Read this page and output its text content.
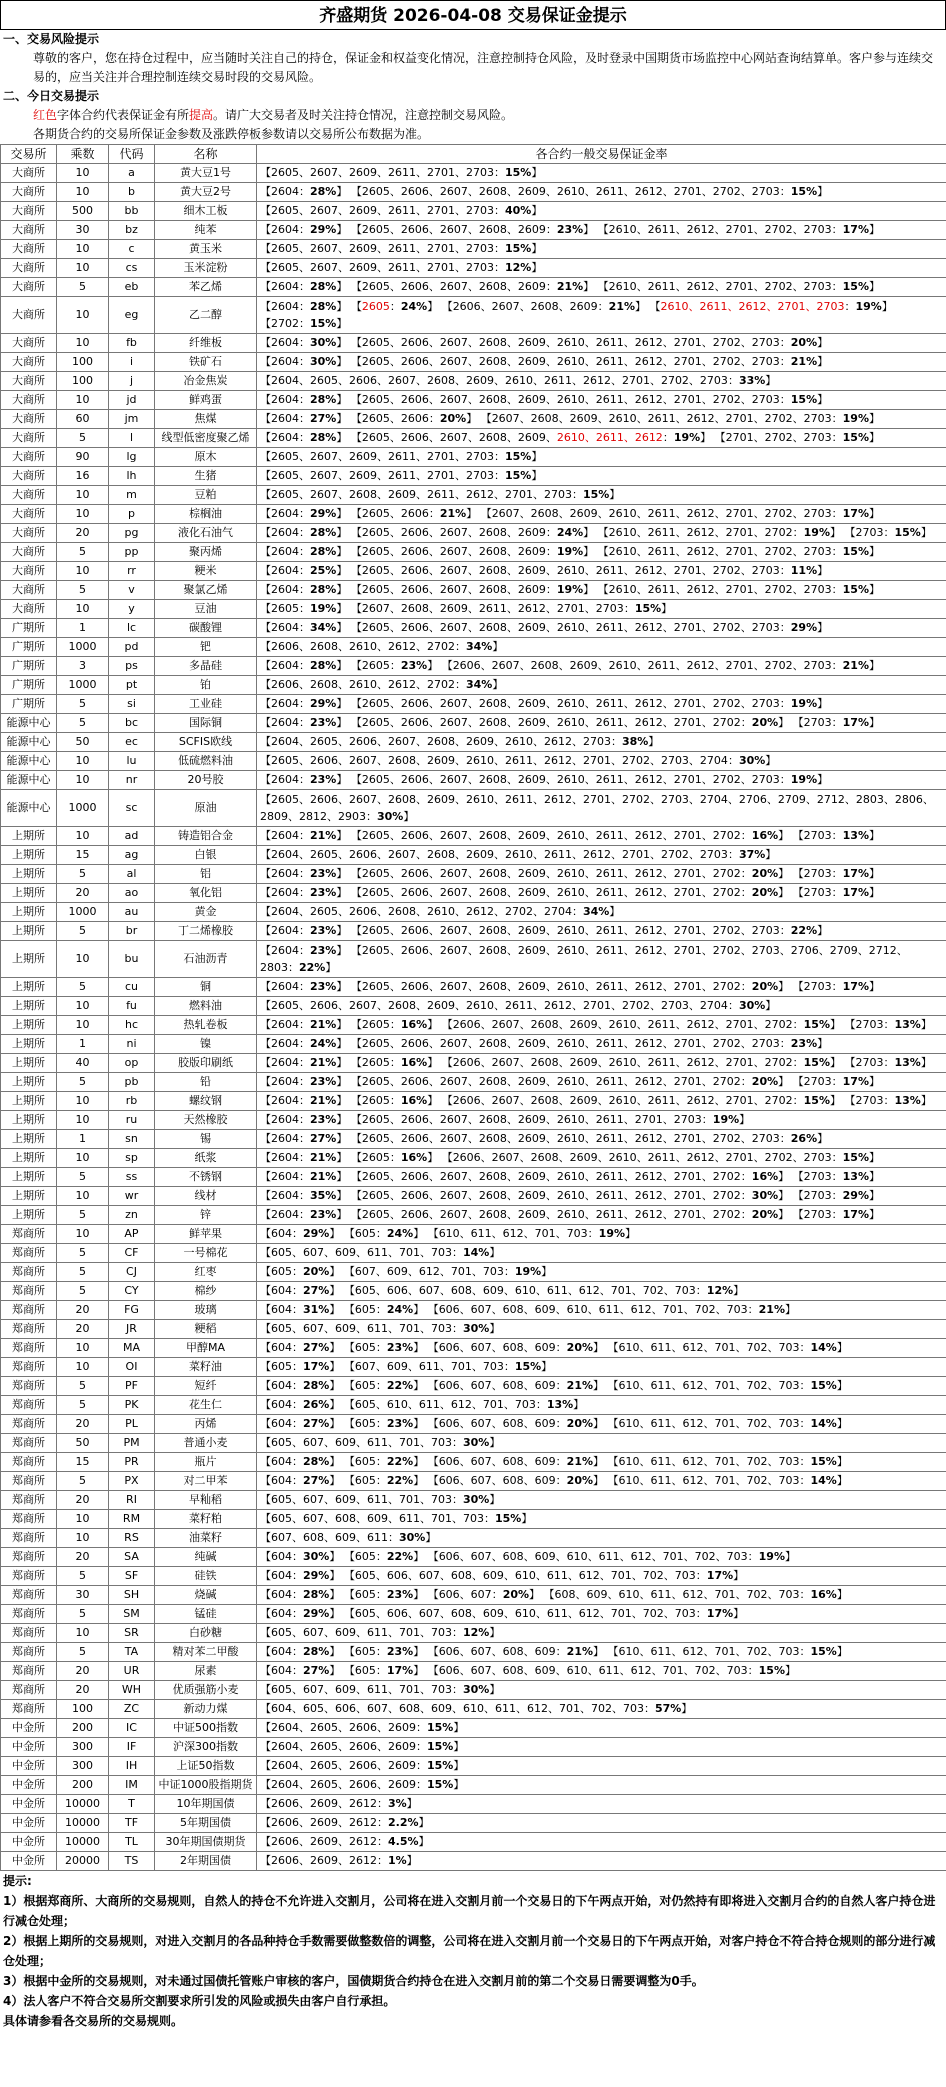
齐盛期货 2026-04-08 交易保证金提示
一、交易风险提示
尊敬的客户，您在持仓过程中，应当随时关注自己的持仓，保证金和权益变化情况，注意控制持仓风险，及时登录中国期货市场监控中心网站查询结算单。客户参与连续交易的，应当关注并合理控制连续交易时段的交易风险。
二、今日交易提示
红色字体合约代表保证金有所提高。请广大交易者及时关注持仓情况，注意控制交易风险。
各期货合约的交易所保证金参数及涨跌停板参数请以交易所公布数据为准。
交易所	乘数	代码	名称	各合约一般交易保证金率
大商所	10	a	黄大豆1号	【2605、2607、2609、2611、2701、2703：15%】
大商所	10	b	黄大豆2号	【2604：28%】 【2605、2606、2607、2608、2609、2610、2611、2612、2701、2702、2703：15%】
大商所	500	bb	细木工板	【2605、2607、2609、2611、2701、2703：40%】
大商所	30	bz	纯苯	【2604：29%】 【2605、2606、2607、2608、2609：23%】 【2610、2611、2612、2701、2702、2703：17%】
大商所	10	c	黄玉米	【2605、2607、2609、2611、2701、2703：15%】
大商所	10	cs	玉米淀粉	【2605、2607、2609、2611、2701、2703：12%】
大商所	5	eb	苯乙烯	【2604：28%】 【2605、2606、2607、2608、2609：21%】 【2610、2611、2612、2701、2702、2703：15%】
大商所	10	eg	乙二醇	【2604：28%】 【2605：24%】 【2606、2607、2608、2609：21%】 【2610、2611、2612、2701、2703：19%】 【2702：15%】
大商所	10	fb	纤维板	【2604：30%】 【2605、2606、2607、2608、2609、2610、2611、2612、2701、2702、2703：20%】
大商所	100	i	铁矿石	【2604：30%】 【2605、2606、2607、2608、2609、2610、2611、2612、2701、2702、2703：21%】
大商所	100	j	冶金焦炭	【2604、2605、2606、2607、2608、2609、2610、2611、2612、2701、2702、2703：33%】
大商所	10	jd	鲜鸡蛋	【2604：28%】 【2605、2606、2607、2608、2609、2610、2611、2612、2701、2702、2703：15%】
大商所	60	jm	焦煤	【2604：27%】 【2605、2606：20%】 【2607、2608、2609、2610、2611、2612、2701、2702、2703：19%】
大商所	5	l	线型低密度聚乙烯	【2604：28%】 【2605、2606、2607、2608、2609、2610、2611、2612：19%】 【2701、2702、2703：15%】
大商所	90	lg	原木	【2605、2607、2609、2611、2701、2703：15%】
大商所	16	lh	生猪	【2605、2607、2609、2611、2701、2703：15%】
大商所	10	m	豆粕	【2605、2607、2608、2609、2611、2612、2701、2703：15%】
大商所	10	p	棕榈油	【2604：29%】 【2605、2606：21%】 【2607、2608、2609、2610、2611、2612、2701、2702、2703：17%】
大商所	20	pg	液化石油气	【2604：28%】 【2605、2606、2607、2608、2609：24%】 【2610、2611、2612、2701、2702：19%】 【2703：15%】
大商所	5	pp	聚丙烯	【2604：28%】 【2605、2606、2607、2608、2609：19%】 【2610、2611、2612、2701、2702、2703：15%】
大商所	10	rr	粳米	【2604：25%】 【2605、2606、2607、2608、2609、2610、2611、2612、2701、2702、2703：11%】
大商所	5	v	聚氯乙烯	【2604：28%】 【2605、2606、2607、2608、2609：19%】 【2610、2611、2612、2701、2702、2703：15%】
大商所	10	y	豆油	【2605：19%】 【2607、2608、2609、2611、2612、2701、2703：15%】
广期所	1	lc	碳酸锂	【2604：34%】 【2605、2606、2607、2608、2609、2610、2611、2612、2701、2702、2703：29%】
广期所	1000	pd	钯	【2606、2608、2610、2612、2702：34%】
广期所	3	ps	多晶硅	【2604：28%】 【2605：23%】 【2606、2607、2608、2609、2610、2611、2612、2701、2702、2703：21%】
广期所	1000	pt	铂	【2606、2608、2610、2612、2702：34%】
广期所	5	si	工业硅	【2604：29%】 【2605、2606、2607、2608、2609、2610、2611、2612、2701、2702、2703：19%】
能源中心	5	bc	国际铜	【2604：23%】 【2605、2606、2607、2608、2609、2610、2611、2612、2701、2702：20%】 【2703：17%】
能源中心	50	ec	SCFIS欧线	【2604、2605、2606、2607、2608、2609、2610、2612、2703：38%】
能源中心	10	lu	低硫燃料油	【2605、2606、2607、2608、2609、2610、2611、2612、2701、2702、2703、2704：30%】
能源中心	10	nr	20号胶	【2604：23%】 【2605、2606、2607、2608、2609、2610、2611、2612、2701、2702、2703：19%】
能源中心	1000	sc	原油	【2605、2606、2607、2608、2609、2610、2611、2612、2701、2702、2703、2704、2706、2709、2712、2803、2806、2809、2812、2903：30%】
上期所	10	ad	铸造铝合金	【2604：21%】 【2605、2606、2607、2608、2609、2610、2611、2612、2701、2702：16%】 【2703：13%】
上期所	15	ag	白银	【2604、2605、2606、2607、2608、2609、2610、2611、2612、2701、2702、2703：37%】
上期所	5	al	铝	【2604：23%】 【2605、2606、2607、2608、2609、2610、2611、2612、2701、2702：20%】 【2703：17%】
上期所	20	ao	氧化铝	【2604：23%】 【2605、2606、2607、2608、2609、2610、2611、2612、2701、2702：20%】 【2703：17%】
上期所	1000	au	黄金	【2604、2605、2606、2608、2610、2612、2702、2704：34%】
上期所	5	br	丁二烯橡胶	【2604：23%】 【2605、2606、2607、2608、2609、2610、2611、2612、2701、2702、2703：22%】
上期所	10	bu	石油沥青	【2604：23%】 【2605、2606、2607、2608、2609、2610、2611、2612、2701、2702、2703、2706、2709、2712、2803：22%】
上期所	5	cu	铜	【2604：23%】 【2605、2606、2607、2608、2609、2610、2611、2612、2701、2702：20%】 【2703：17%】
上期所	10	fu	燃料油	【2605、2606、2607、2608、2609、2610、2611、2612、2701、2702、2703、2704：30%】
上期所	10	hc	热轧卷板	【2604：21%】 【2605：16%】 【2606、2607、2608、2609、2610、2611、2612、2701、2702：15%】 【2703：13%】
上期所	1	ni	镍	【2604：24%】 【2605、2606、2607、2608、2609、2610、2611、2612、2701、2702、2703：23%】
上期所	40	op	胶版印刷纸	【2604：21%】 【2605：16%】 【2606、2607、2608、2609、2610、2611、2612、2701、2702：15%】 【2703：13%】
上期所	5	pb	铅	【2604：23%】 【2605、2606、2607、2608、2609、2610、2611、2612、2701、2702：20%】 【2703：17%】
上期所	10	rb	螺纹钢	【2604：21%】 【2605：16%】 【2606、2607、2608、2609、2610、2611、2612、2701、2702：15%】 【2703：13%】
上期所	10	ru	天然橡胶	【2604：23%】 【2605、2606、2607、2608、2609、2610、2611、2701、2703：19%】
上期所	1	sn	锡	【2604：27%】 【2605、2606、2607、2608、2609、2610、2611、2612、2701、2702、2703：26%】
上期所	10	sp	纸浆	【2604：21%】 【2605：16%】 【2606、2607、2608、2609、2610、2611、2612、2701、2702、2703：15%】
上期所	5	ss	不锈钢	【2604：21%】 【2605、2606、2607、2608、2609、2610、2611、2612、2701、2702：16%】 【2703：13%】
上期所	10	wr	线材	【2604：35%】 【2605、2606、2607、2608、2609、2610、2611、2612、2701、2702：30%】 【2703：29%】
上期所	5	zn	锌	【2604：23%】 【2605、2606、2607、2608、2609、2610、2611、2612、2701、2702：20%】 【2703：17%】
郑商所	10	AP	鲜苹果	【604：29%】 【605：24%】 【610、611、612、701、703：19%】
郑商所	5	CF	一号棉花	【605、607、609、611、701、703：14%】
郑商所	5	CJ	红枣	【605：20%】 【607、609、612、701、703：19%】
郑商所	5	CY	棉纱	【604：27%】 【605、606、607、608、609、610、611、612、701、702、703：12%】
郑商所	20	FG	玻璃	【604：31%】 【605：24%】 【606、607、608、609、610、611、612、701、702、703：21%】
郑商所	20	JR	粳稻	【605、607、609、611、701、703：30%】
郑商所	10	MA	甲醇MA	【604：27%】 【605：23%】 【606、607、608、609：20%】 【610、611、612、701、702、703：14%】
郑商所	10	OI	菜籽油	【605：17%】 【607、609、611、701、703：15%】
郑商所	5	PF	短纤	【604：28%】 【605：22%】 【606、607、608、609：21%】 【610、611、612、701、702、703：15%】
郑商所	5	PK	花生仁	【604：26%】 【605、610、611、612、701、703：13%】
郑商所	20	PL	丙烯	【604：27%】 【605：23%】 【606、607、608、609：20%】 【610、611、612、701、702、703：14%】
郑商所	50	PM	普通小麦	【605、607、609、611、701、703：30%】
郑商所	15	PR	瓶片	【604：28%】 【605：22%】 【606、607、608、609：21%】 【610、611、612、701、702、703：15%】
郑商所	5	PX	对二甲苯	【604：27%】 【605：22%】 【606、607、608、609：20%】 【610、611、612、701、702、703：14%】
郑商所	20	RI	早籼稻	【605、607、609、611、701、703：30%】
郑商所	10	RM	菜籽粕	【605、607、608、609、611、701、703：15%】
郑商所	10	RS	油菜籽	【607、608、609、611：30%】
郑商所	20	SA	纯碱	【604：30%】 【605：22%】 【606、607、608、609、610、611、612、701、702、703：19%】
郑商所	5	SF	硅铁	【604：29%】 【605、606、607、608、609、610、611、612、701、702、703：17%】
郑商所	30	SH	烧碱	【604：28%】 【605：23%】 【606、607：20%】 【608、609、610、611、612、701、702、703：16%】
郑商所	5	SM	锰硅	【604：29%】 【605、606、607、608、609、610、611、612、701、702、703：17%】
郑商所	10	SR	白砂糖	【605、607、609、611、701、703：12%】
郑商所	5	TA	精对苯二甲酸	【604：28%】 【605：23%】 【606、607、608、609：21%】 【610、611、612、701、702、703：15%】
郑商所	20	UR	尿素	【604：27%】 【605：17%】 【606、607、608、609、610、611、612、701、702、703：15%】
郑商所	20	WH	优质强筋小麦	【605、607、609、611、701、703：30%】
郑商所	100	ZC	新动力煤	【604、605、606、607、608、609、610、611、612、701、702、703：57%】
中金所	200	IC	中证500指数	【2604、2605、2606、2609：15%】
中金所	300	IF	沪深300指数	【2604、2605、2606、2609：15%】
中金所	300	IH	上证50指数	【2604、2605、2606、2609：15%】
中金所	200	IM	中证1000股指期货	【2604、2605、2606、2609：15%】
中金所	10000	T	10年期国债	【2606、2609、2612：3%】
中金所	10000	TF	5年期国债	【2606、2609、2612：2.2%】
中金所	10000	TL	30年期国债期货	【2606、2609、2612：4.5%】
中金所	20000	TS	2年期国债	【2606、2609、2612：1%】
提示:
1）根据郑商所、大商所的交易规则，自然人的持仓不允许进入交割月，公司将在进入交割月前一个交易日的下午两点开始，对仍然持有即将进入交割月合约的自然人客户持仓进行减仓处理；
2）根据上期所的交易规则，对进入交割月的各品种持仓手数需要做整数倍的调整，公司将在进入交割月前一个交易日的下午两点开始，对客户持仓不符合持仓规则的部分进行减仓处理；
3）根据中金所的交易规则，对未通过国债托管账户审核的客户，国债期货合约持仓在进入交割月前的第二个交易日需要调整为0手。
4）法人客户不符合交易所交割要求所引发的风险或损失由客户自行承担。
具体请参看各交易所的交易规则。
